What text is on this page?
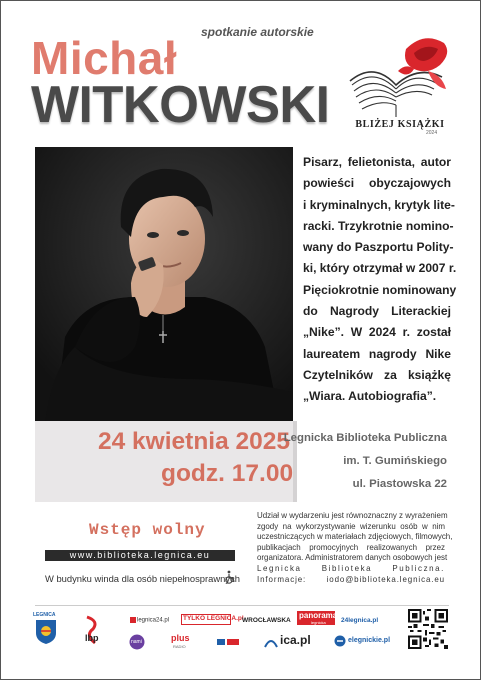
spotkanie autorskie
Michał
WITKOWSKI	BLIŻEJ KSIĄŻKI
2024
Pisarz, felietonista, autor
powieści obyczajowych
i kryminalnych, krytyk lite-
racki. Trzykrotnie nomino-
wany do Paszportu Polity-
ki, który otrzymał w 2007 r.
Pięciokrotnie nominowany
do Nagrody Literackiej
„Nike”. W 2024 r. został
laureatem nagrody Nike
Czytelników za książkę
„Wiara. Autobiografia”.
24 kwietnia 2025
godz. 17.00
Legnicka Biblioteka Publiczna
im. T. Gumińskiego
ul. Piastowska 22
Wstęp wolny
www.biblioteka.legnica.eu
W budynku winda dla osób niepełnosprawnych
Udział w wydarzeniu jest równoznaczny z wyrażeniem
zgody na wykorzystywanie wizerunku osób w nim
uczestniczących w materiałach zdjęciowych, filmowych,
publikacjach promocyjnych realizowanych przez
organizatora. Administratorem danych osobowych jest
Legnicka Biblioteka Publiczna.
Informacje: iodo@biblioteka.legnica.eu
LEGNICA
lbp
legnica24.pl TYLKO LEGNICA.pl
WROCŁAWSKA
panorama
legnicka 24legnica.pl
nami	plus
RADIO	ica.pl	elegnickie.pl
